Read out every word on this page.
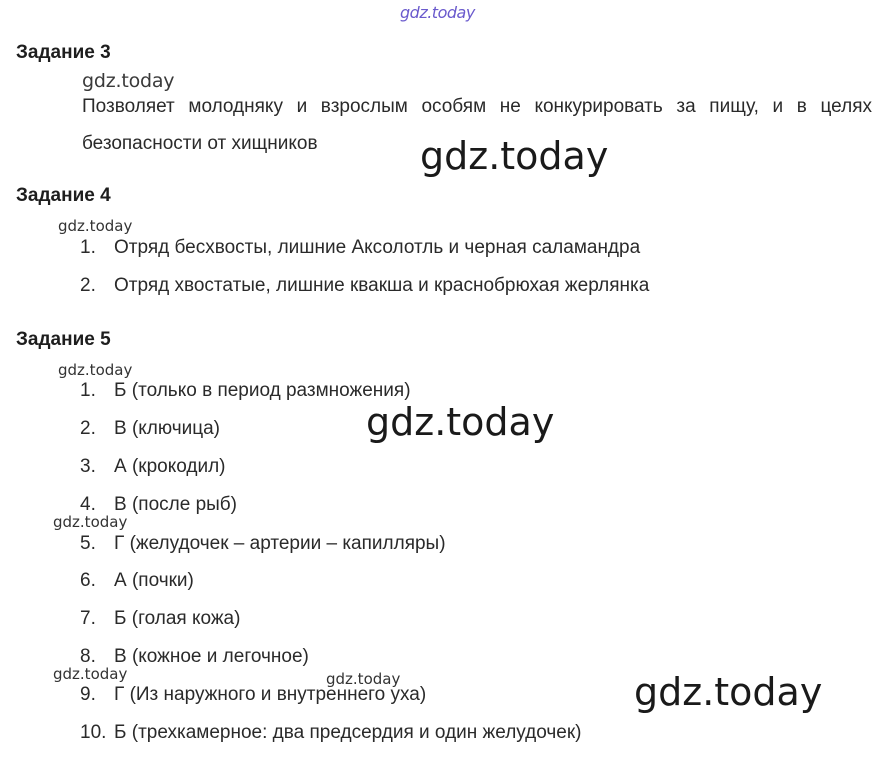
gdz.today
Задание 3
gdz.today
Позволяет молодняку и взрослым особям не конкурировать за пищу, и в целях безопасности от хищников	gdz.today
Задание 4
gdz.today
1. Отряд бесхвосты, лишние Аксолотль и черная саламандра
2. Отряд хвостатые, лишние квакша и краснобрюхая жерлянка
Задание 5
gdz.today
1. Б (только в период размножения)
2. В (ключица)	gdz.today
3. А (крокодил)
4. В (после рыб)
gdz.today
5. Г (желудочек – артерии – капилляры)
6. А (почки)
7. Б (голая кожа)
8. В (кожное и легочное)
gdz.today	gdz.today	gdz.today
9. Г (Из наружного и внутреннего уха)
10. Б (трехкамерное: два предсердия и один желудочек)
